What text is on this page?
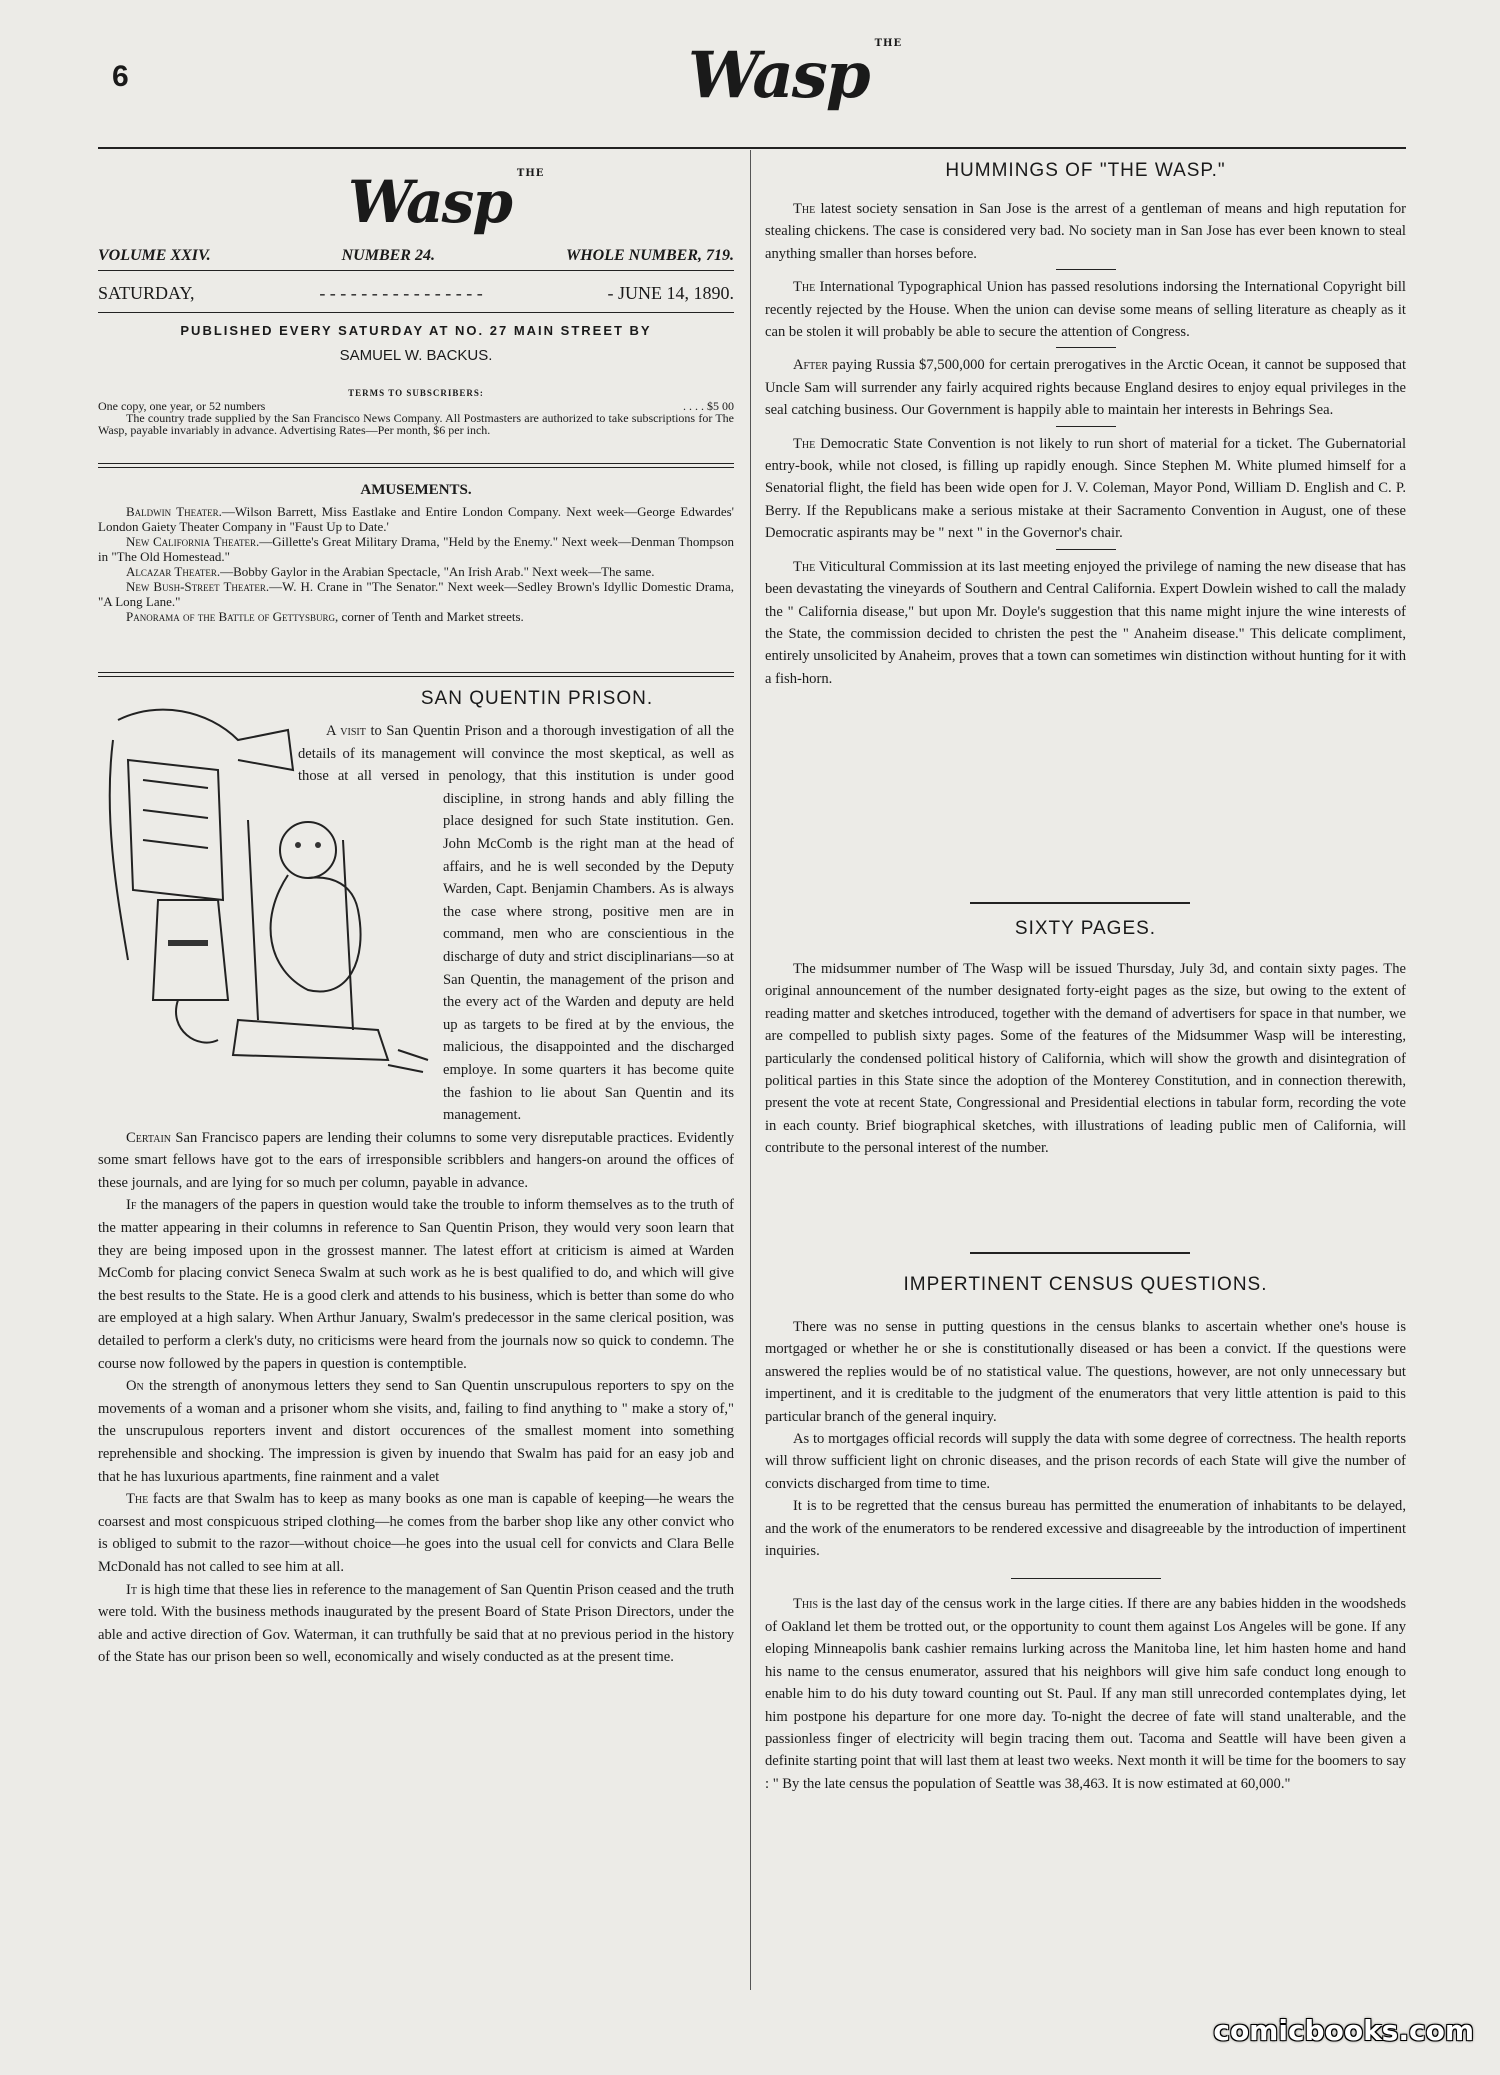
6	Wasp $^{THE}$
Wasp $^{THE}$
VOLUME XXIV.	NUMBER 24.	WHOLE NUMBER, 719.
SATURDAY,	- - - - - - - - - - - - - - - -	- JUNE 14, 1890.
PUBLISHED EVERY SATURDAY AT NO. 27 MAIN STREET BY
SAMUEL W. BACKUS.
TERMS TO SUBSCRIBERS:
One copy, one year, or 52 numbers	. . . . $5 00
The country trade supplied by the San Francisco News Company. All Postmasters are authorized to take subscriptions for The Wasp, payable invariably in advance. Advertising Rates—Per month, $6 per inch.
AMUSEMENTS.

Baldwin Theater.—Wilson Barrett, Miss Eastlake and Entire London Company. Next week—George Edwardes' London Gaiety Theater Company in "Faust Up to Date.'

New California Theater.—Gillette's Great Military Drama, "Held by the Enemy." Next week—Denman Thompson in "The Old Homestead."

Alcazar Theater.—Bobby Gaylor in the Arabian Spectacle, "An Irish Arab." Next week—The same.

New Bush-Street Theater.—W. H. Crane in "The Senator." Next week—Sedley Brown's Idyllic Domestic Drama, "A Long Lane."

Panorama of the Battle of Gettysburg, corner of Tenth and Market streets.

SAN QUENTIN PRISON.

A visit to San Quentin Prison and a thorough investigation of all the details of its management will convince the most skeptical, as well as those at all versed in penology, that this institution is under good discipline, in strong hands and ably filling the place designed for such State institution. Gen. John McComb is the right man at the head of affairs, and he is well seconded by the Deputy Warden, Capt. Benjamin Chambers. As is always the case where strong, positive men are in command, men who are conscientious in the discharge of duty and strict disciplinarians—so at San Quentin, the management of the prison and the every act of the Warden and deputy are held up as targets to be fired at by the envious, the malicious, the disappointed and the discharged employe. In some quarters it has become quite the fashion to lie about San Quentin and its management.

Certain San Francisco papers are lending their columns to some very disreputable practices. Evidently some smart fellows have got to the ears of irresponsible scribblers and hangers-on around the offices of these journals, and are lying for so much per column, payable in advance.

If the managers of the papers in question would take the trouble to inform themselves as to the truth of the matter appearing in their columns in reference to San Quentin Prison, they would very soon learn that they are being imposed upon in the grossest manner. The latest effort at criticism is aimed at Warden McComb for placing convict Seneca Swalm at such work as he is best qualified to do, and which will give the best results to the State. He is a good clerk and attends to his business, which is better than some do who are employed at a high salary. When Arthur January, Swalm's predecessor in the same clerical position, was detailed to perform a clerk's duty, no criticisms were heard from the journals now so quick to condemn. The course now followed by the papers in question is contemptible.

On the strength of anonymous letters they send to San Quentin unscrupulous reporters to spy on the movements of a woman and a prisoner whom she visits, and, failing to find anything to " make a story of," the unscrupulous reporters invent and distort occurences of the smallest moment into something reprehensible and shocking. The impression is given by inuendo that Swalm has paid for an easy job and that he has luxurious apartments, fine rainment and a valet

The facts are that Swalm has to keep as many books as one man is capable of keeping—he wears the coarsest and most conspicuous striped clothing—he comes from the barber shop like any other convict who is obliged to submit to the razor—without choice—he goes into the usual cell for convicts and Clara Belle McDonald has not called to see him at all.

It is high time that these lies in reference to the management of San Quentin Prison ceased and the truth were told. With the business methods inaugurated by the present Board of State Prison Directors, under the able and active direction of Gov. Waterman, it can truthfully be said that at no previous period in the history of the State has our prison been so well, economically and wisely conducted as at the present time.

HUMMINGS OF "THE WASP."

The latest society sensation in San Jose is the arrest of a gentleman of means and high reputation for stealing chickens. The case is considered very bad. No society man in San Jose has ever been known to steal anything smaller than horses before.

The International Typographical Union has passed resolutions indorsing the International Copyright bill recently rejected by the House. When the union can devise some means of selling literature as cheaply as it can be stolen it will probably be able to secure the attention of Congress.

After paying Russia $7,500,000 for certain prerogatives in the Arctic Ocean, it cannot be supposed that Uncle Sam will surrender any fairly acquired rights because England desires to enjoy equal privileges in the seal catching business. Our Government is happily able to maintain her interests in Behrings Sea.

The Democratic State Convention is not likely to run short of material for a ticket. The Gubernatorial entry-book, while not closed, is filling up rapidly enough. Since Stephen M. White plumed himself for a Senatorial flight, the field has been wide open for J. V. Coleman, Mayor Pond, William D. English and C. P. Berry. If the Republicans make a serious mistake at their Sacramento Convention in August, one of these Democratic aspirants may be " next " in the Governor's chair.

The Viticultural Commission at its last meeting enjoyed the privilege of naming the new disease that has been devastating the vineyards of Southern and Central California. Expert Dowlein wished to call the malady the " California disease," but upon Mr. Doyle's suggestion that this name might injure the wine interests of the State, the commission decided to christen the pest the " Anaheim disease." This delicate compliment, entirely unsolicited by Anaheim, proves that a town can sometimes win distinction without hunting for it with a fish-horn.

SIXTY PAGES.

The midsummer number of The Wasp will be issued Thursday, July 3d, and contain sixty pages. The original announcement of the number designated forty-eight pages as the size, but owing to the extent of reading matter and sketches introduced, together with the demand of advertisers for space in that number, we are compelled to publish sixty pages. Some of the features of the Midsummer Wasp will be interesting, particularly the condensed political history of California, which will show the growth and disintegration of political parties in this State since the adoption of the Monterey Constitution, and in connection therewith, present the vote at recent State, Congressional and Presidential elections in tabular form, recording the vote in each county. Brief biographical sketches, with illustrations of leading public men of California, will contribute to the personal interest of the number.

IMPERTINENT CENSUS QUESTIONS.

There was no sense in putting questions in the census blanks to ascertain whether one's house is mortgaged or whether he or she is constitutionally diseased or has been a convict. If the questions were answered the replies would be of no statistical value. The questions, however, are not only unnecessary but impertinent, and it is creditable to the judgment of the enumerators that very little attention is paid to this particular branch of the general inquiry.

As to mortgages official records will supply the data with some degree of correctness. The health reports will throw sufficient light on chronic diseases, and the prison records of each State will give the number of convicts discharged from time to time.

It is to be regretted that the census bureau has permitted the enumeration of inhabitants to be delayed, and the work of the enumerators to be rendered excessive and disagreeable by the introduction of impertinent inquiries.

This is the last day of the census work in the large cities. If there are any babies hidden in the woodsheds of Oakland let them be trotted out, or the opportunity to count them against Los Angeles will be gone. If any eloping Minneapolis bank cashier remains lurking across the Manitoba line, let him hasten home and hand his name to the census enumerator, assured that his neighbors will give him safe conduct long enough to enable him to do his duty toward counting out St. Paul. If any man still unrecorded contemplates dying, let him postpone his departure for one more day. To-night the decree of fate will stand unalterable, and the passionless finger of electricity will begin tracing them out. Tacoma and Seattle will have been given a definite starting point that will last them at least two weeks. Next month it will be time for the boomers to say : " By the late census the population of Seattle was 38,463. It is now estimated at 60,000."

comicbooks.com
